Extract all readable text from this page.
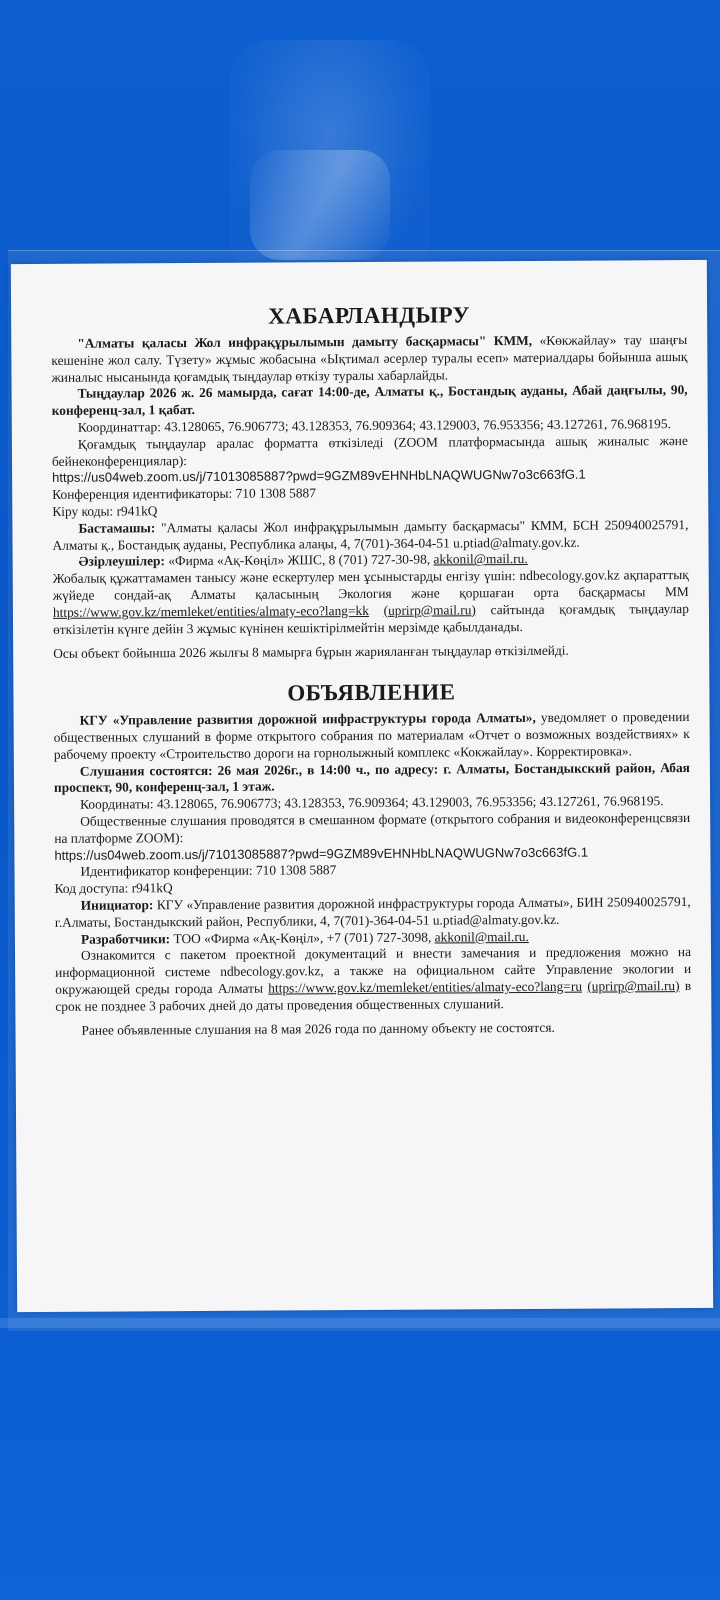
ХАБАРЛАНДЫРУ

"Алматы қаласы Жол инфрақұрылымын дамыту басқармасы" КММ, «Көкжайлау» тау шаңғы кешеніне жол салу. Түзету» жұмыс жобасына «Ықтимал әсерлер туралы есеп» материалдары бойынша ашық жиналыс нысанында қоғамдық тыңдаулар өткізу туралы хабарлайды.

Тыңдаулар 2026 ж. 26 мамырда, сағат 14:00-де, Алматы қ., Бостандық ауданы, Абай даңғылы, 90, конференц-зал, 1 қабат.

Координаттар: 43.128065, 76.906773; 43.128353, 76.909364; 43.129003, 76.953356; 43.127261, 76.968195.

Қоғамдық тыңдаулар аралас форматта өткізіледі (ZOOM платформасында ашық жиналыс және бейнеконференциялар):

https://us04web.zoom.us/j/71013085887?pwd=9GZM89vEHNHbLNAQWUGNw7o3c663fG.1

Конференция идентификаторы: 710 1308 5887

Кіру коды: r941kQ

Бастамашы: "Алматы қаласы Жол инфрақұрылымын дамыту басқармасы" КММ, БСН 250940025791, Алматы қ., Бостандық ауданы, Республика алаңы, 4, 7(701)-364-04-51 u.ptiad@almaty.gov.kz.

Әзірлеушілер: «Фирма «Ақ-Көңіл» ЖШС, 8 (701) 727-30-98, akkonil@mail.ru.

Жобалық құжаттамамен танысу және ескертулер мен ұсыныстарды енгізу үшін: ndbecology.gov.kz ақпараттық жүйеде сондай-ақ Алматы қаласының Экология және қоршаған орта басқармасы ММ https://www.gov.kz/memleket/entities/almaty-eco?lang=kk (uprirp@mail.ru) сайтында қоғамдық тыңдаулар өткізілетін күнге дейін 3 жұмыс күнінен кешіктірілмейтін мерзімде қабылданады.

Осы объект бойынша 2026 жылғы 8 мамырға бұрын жарияланған тыңдаулар өткізілмейді.

ОБЪЯВЛЕНИЕ

КГУ «Управление развития дорожной инфраструктуры города Алматы», уведомляет о проведении общественных слушаний в форме открытого собрания по материалам «Отчет о возможных воздействиях» к рабочему проекту «Строительство дороги на горнолыжный комплекс «Кокжайлау». Корректировка».

Слушания состоятся: 26 мая 2026г., в 14:00 ч., по адресу: г. Алматы, Бостандыкский район, Абая проспект, 90, конференц-зал, 1 этаж.

Координаты: 43.128065, 76.906773; 43.128353, 76.909364; 43.129003, 76.953356; 43.127261, 76.968195.

Общественные слушания проводятся в смешанном формате (открытого собрания и видеоконференцсвязи на платформе ZOOM):

https://us04web.zoom.us/j/71013085887?pwd=9GZM89vEHNHbLNAQWUGNw7o3c663fG.1

Идентификатор конференции: 710 1308 5887

Код доступа: r941kQ

Инициатор: КГУ «Управление развития дорожной инфраструктуры города Алматы», БИН 250940025791, г.Алматы, Бостандыкский район, Республики, 4, 7(701)-364-04-51 u.ptiad@almaty.gov.kz.

Разработчики: ТОО «Фирма «Ақ-Көңіл», +7 (701) 727-3098, akkonil@mail.ru.

Ознакомится с пакетом проектной документаций и внести замечания и предложения можно на информационной системе ndbecology.gov.kz, а также на официальном сайте Управление экологии и окружающей среды города Алматы https://www.gov.kz/memleket/entities/almaty-eco?lang=ru (uprirp@mail.ru) в срок не позднее 3 рабочих дней до даты проведения общественных слушаний.

Ранее объявленные слушания на 8 мая 2026 года по данному объекту не состоятся.
